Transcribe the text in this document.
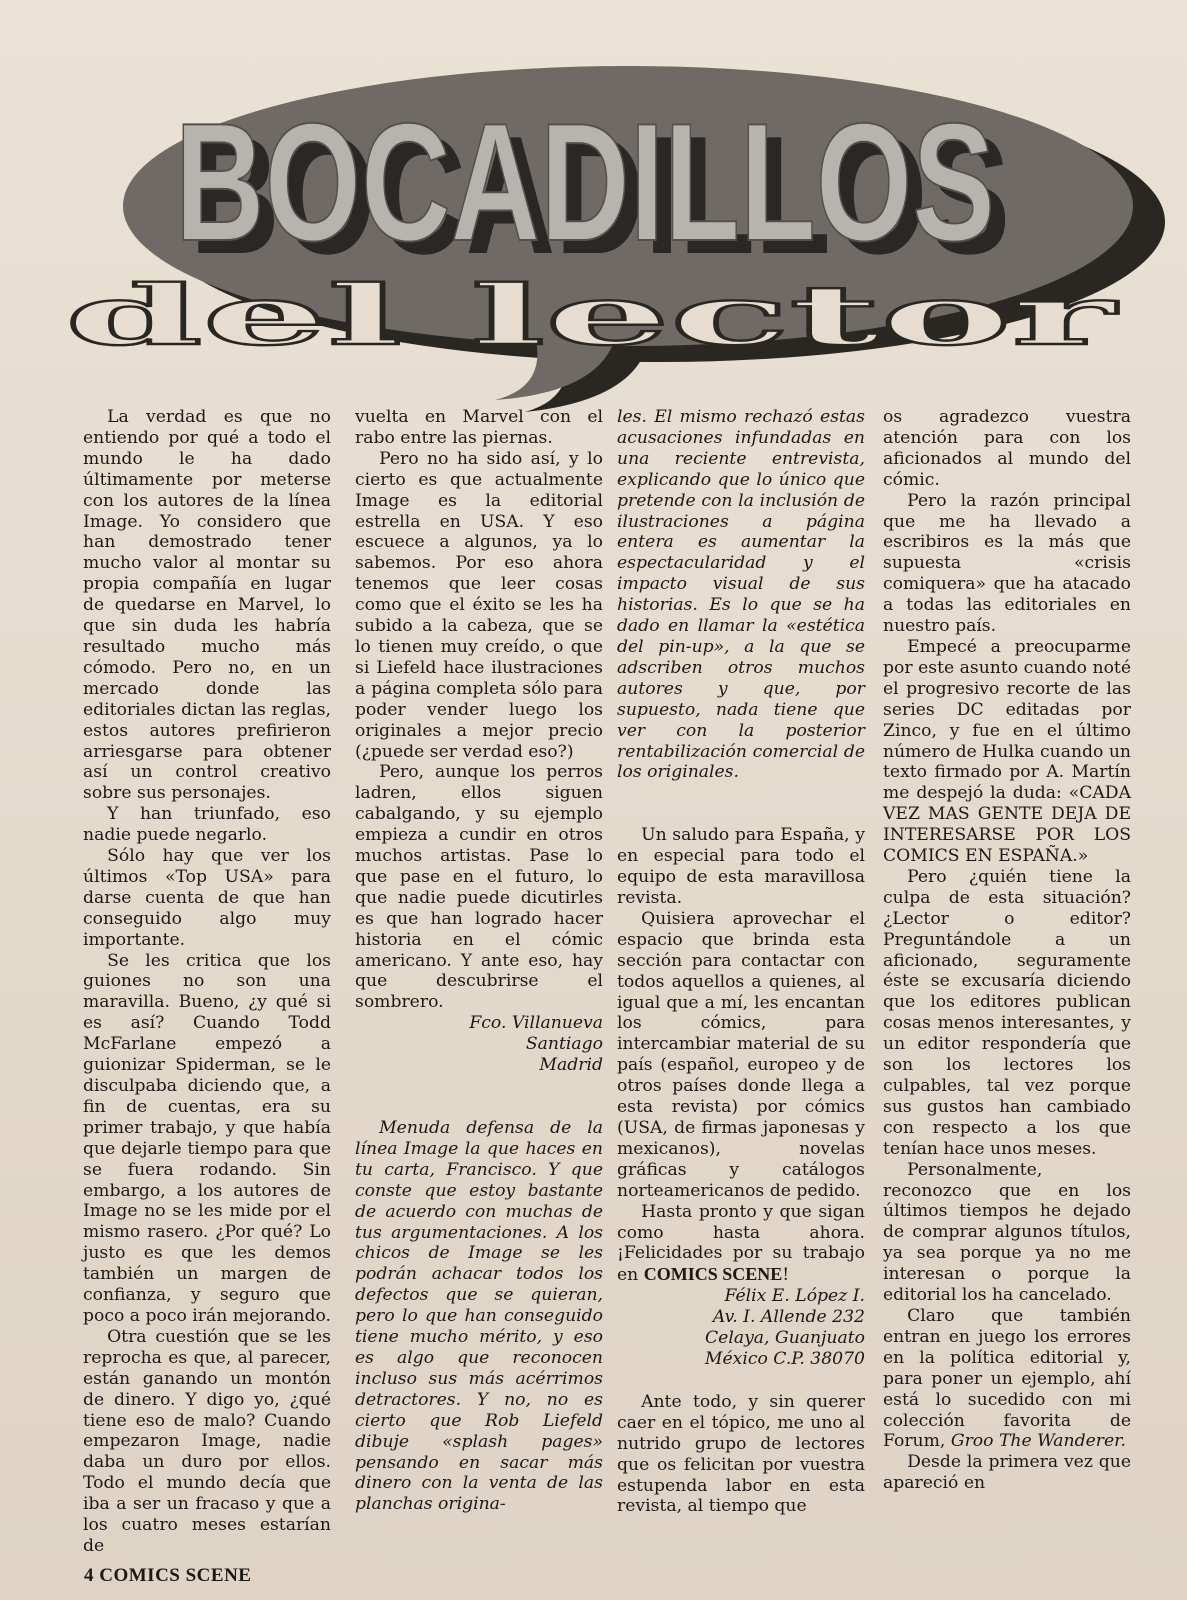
BOCADILLOS
BOCADILLOS
del lector

La verdad es que no entiendo por qué a todo el mundo le ha dado últimamente por meterse con los autores de la línea Image. Yo considero que han demostrado tener mucho valor al montar su propia compañía en lugar de quedarse en Marvel, lo que sin duda les habría resultado mucho más cómodo. Pero no, en un mercado donde las editoriales dictan las reglas, estos autores prefirieron arriesgarse para obtener así un control creativo sobre sus personajes.

Y han triunfado, eso nadie puede negarlo.

Sólo hay que ver los últimos «Top USA» para darse cuenta de que han conseguido algo muy importante.

Se les critica que los guiones no son una maravilla. Bueno, ¿y qué si es así? Cuando Todd McFarlane empezó a guionizar Spiderman, se le disculpaba diciendo que, a fin de cuentas, era su primer trabajo, y que había que dejarle tiempo para que se fuera rodando. Sin embargo, a los autores de Image no se les mide por el mismo rasero. ¿Por qué? Lo justo es que les demos también un margen de confianza, y seguro que poco a poco irán mejorando.

Otra cuestión que se les reprocha es que, al parecer, están ganando un montón de dinero. Y digo yo, ¿qué tiene eso de malo? Cuando empezaron Image, nadie daba un duro por ellos. Todo el mundo decía que iba a ser un fracaso y que a los cuatro meses estarían de

vuelta en Marvel con el rabo entre las piernas.

Pero no ha sido así, y lo cierto es que actualmente Image es la editorial estrella en USA. Y eso escuece a algunos, ya lo sabemos. Por eso ahora tenemos que leer cosas como que el éxito se les ha subido a la cabeza, que se lo tienen muy creído, o que si Liefeld hace ilustraciones a página completa sólo para poder vender luego los originales a mejor precio (¿puede ser verdad eso?)

Pero, aunque los perros ladren, ellos siguen cabalgando, y su ejemplo empieza a cundir en otros muchos artistas. Pase lo que pase en el futuro, lo que nadie puede dicutirles es que han logrado hacer historia en el cómic americano. Y ante eso, hay que descubrirse el sombrero.

Fco. Villanueva
Santiago
Madrid

Menuda defensa de la línea Image la que haces en tu carta, Francisco. Y que conste que estoy bastante de acuerdo con muchas de tus argumentaciones. A los chicos de Image se les podrán achacar todos los defectos que se quieran, pero lo que han conseguido tiene mucho mérito, y eso es algo que reconocen incluso sus más acérrimos detractores. Y no, no es cierto que Rob Liefeld dibuje «splash pages» pensando en sacar más dinero con la venta de las planchas origina-

les. El mismo rechazó estas acusaciones infundadas en una reciente entrevista, explicando que lo único que pretende con la inclusión de ilustraciones a página entera es aumentar la espectacularidad y el impacto visual de sus historias. Es lo que se ha dado en llamar la «estética del pin-up», a la que se adscriben otros muchos autores y que, por supuesto, nada tiene que ver con la posterior rentabilización comercial de los originales.

Un saludo para España, y en especial para todo el equipo de esta maravillosa revista.

Quisiera aprovechar el espacio que brinda esta sección para contactar con todos aquellos a quienes, al igual que a mí, les encantan los cómics, para intercambiar material de su país (español, europeo y de otros países donde llega a esta revista) por cómics (USA, de firmas japonesas y mexicanos), novelas gráficas y catálogos norteamericanos de pedido.

Hasta pronto y que sigan como hasta ahora. ¡Felicidades por su trabajo en COMICS SCENE!

Félix E. López I.
Av. I. Allende 232
Celaya, Guanjuato
México C.P. 38070

Ante todo, y sin querer caer en el tópico, me uno al nutrido grupo de lectores que os felicitan por vuestra estupenda labor en esta revista, al tiempo que

os agradezco vuestra atención para con los aficionados al mundo del cómic.

Pero la razón principal que me ha llevado a escribiros es la más que supuesta «crisis comiquera» que ha atacado a todas las editoriales en nuestro país.

Empecé a preocuparme por este asunto cuando noté el progresivo recorte de las series DC editadas por Zinco, y fue en el último número de Hulka cuando un texto firmado por A. Martín me despejó la duda: «CADA VEZ MAS GENTE DEJA DE INTERESARSE POR LOS COMICS EN ESPAÑA.»

Pero ¿quién tiene la culpa de esta situación? ¿Lector o editor? Preguntándole a un aficionado, seguramente éste se excusaría diciendo que los editores publican cosas menos interesantes, y un editor respondería que son los lectores los culpables, tal vez porque sus gustos han cambiado con respecto a los que tenían hace unos meses.

Personalmente, reconozco que en los últimos tiempos he dejado de comprar algunos títulos, ya sea porque ya no me interesan o porque la editorial los ha cancelado.

Claro que también entran en juego los errores en la política editorial y, para poner un ejemplo, ahí está lo sucedido con mi colección favorita de Forum, Groo The Wanderer.

Desde la primera vez que apareció en

4 COMICS SCENE
